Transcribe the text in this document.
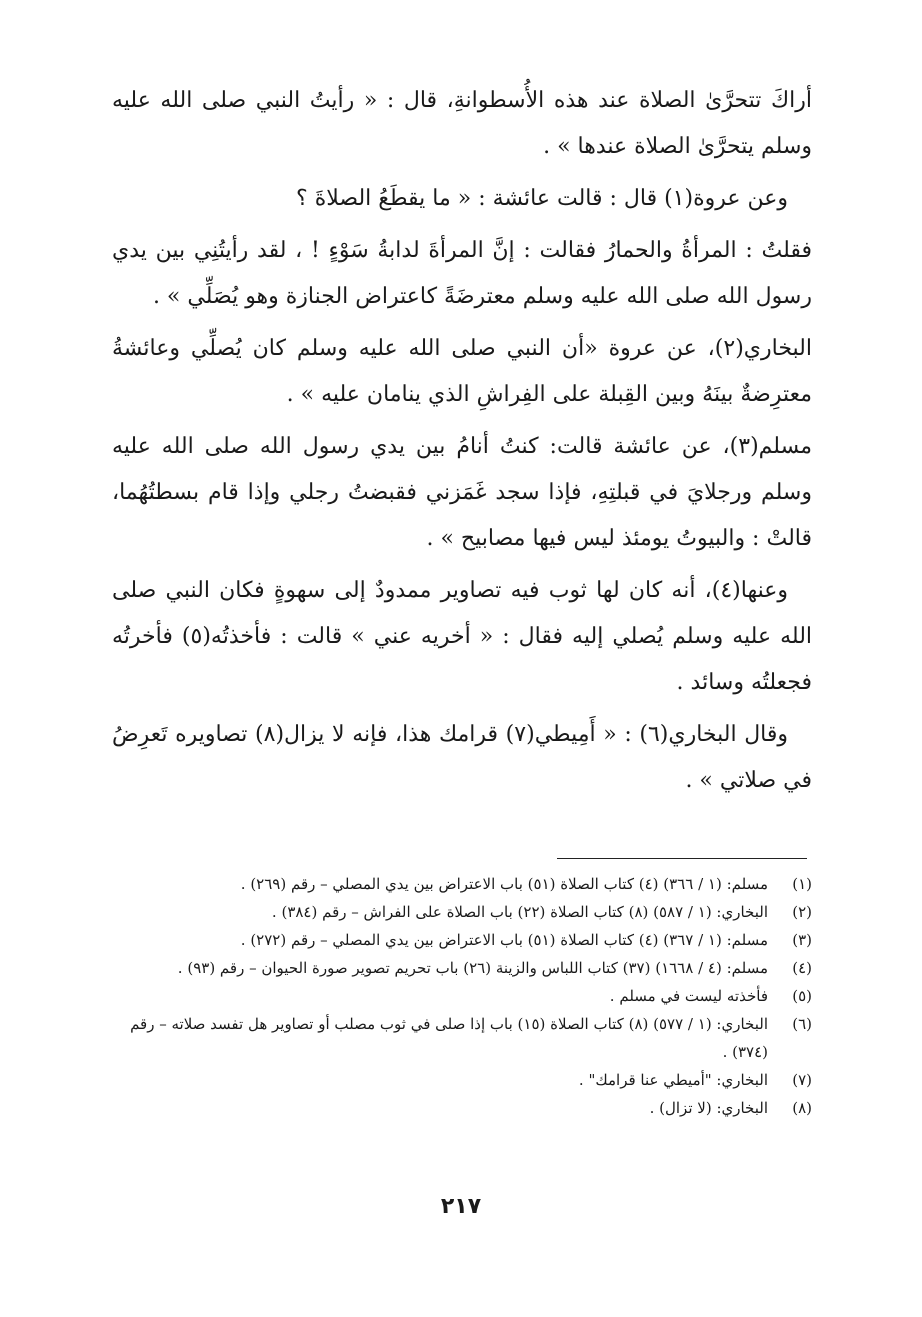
أراكَ تتحرَّىٰ الصلاة عند هذه الأُسطوانةِ، قال : « رأيتُ النبي صلى الله عليه وسلم يتحرَّىٰ الصلاة عندها » .

وعن عروة(١) قال : قالت عائشة : « ما يقطَعُ الصلاةَ ؟

فقلتُ : المرأةُ والحمارُ فقالت : إنَّ المرأةَ لدابةُ سَوْءٍ ! ، لقد رأيتُنِي بين يدي رسول الله صلى الله عليه وسلم معترضَةً كاعتراض الجنازة وهو يُصَلِّي » .

البخاري(٢)، عن عروة «أن النبي صلى الله عليه وسلم كان يُصلِّي وعائشةُ معترِضةٌ بينَهُ وبين القِبلة على الفِراشِ الذي ينامان عليه » .

مسلم(٣)، عن عائشة قالت: كنتُ أنامُ بين يدي رسول الله صلى الله عليه وسلم ورجلايَ في قبلتِهِ، فإذا سجد غَمَزني فقبضتُ رجلي وإذا قام بسطتُهُما، قالتْ : والبيوتُ يومئذ ليس فيها مصابيح » .

وعنها(٤)، أنه كان لها ثوب فيه تصاوير ممدودٌ إلى سهوةٍ فكان النبي صلى الله عليه وسلم يُصلي إليه فقال : « أخريه عني » قالت : فأخذتُه(٥) فأخرتُه فجعلتُه وسائد .

وقال البخاري(٦) : « أَمِيطي(٧) قرامك هذا، فإنه لا يزال(٨) تصاويره تَعرِضُ في صلاتي » .

(١)
مسلم: (١ / ٣٦٦) (٤) كتاب الصلاة (٥١) باب الاعتراض بين يدي المصلي – رقم (٢٦٩) .
(٢)
البخاري: (١ / ٥٨٧) (٨) كتاب الصلاة (٢٢) باب الصلاة على الفراش – رقم (٣٨٤) .
(٣)
مسلم: (١ / ٣٦٧) (٤) كتاب الصلاة (٥١) باب الاعتراض بين يدي المصلي – رقم (٢٧٢) .
(٤)
مسلم: (٤ / ١٦٦٨) (٣٧) كتاب اللباس والزينة (٢٦) باب تحريم تصوير صورة الحيوان – رقم (٩٣) .
(٥)
فأخذته ليست في مسلم .
(٦)
البخاري: (١ / ٥٧٧) (٨) كتاب الصلاة (١٥) باب إذا صلى في ثوب مصلب أو تصاوير هل تفسد صلاته – رقم (٣٧٤) .
(٧)
البخاري: "أميطي عنا قرامك" .
(٨)
البخاري: (لا تزال) .
٢١٧
